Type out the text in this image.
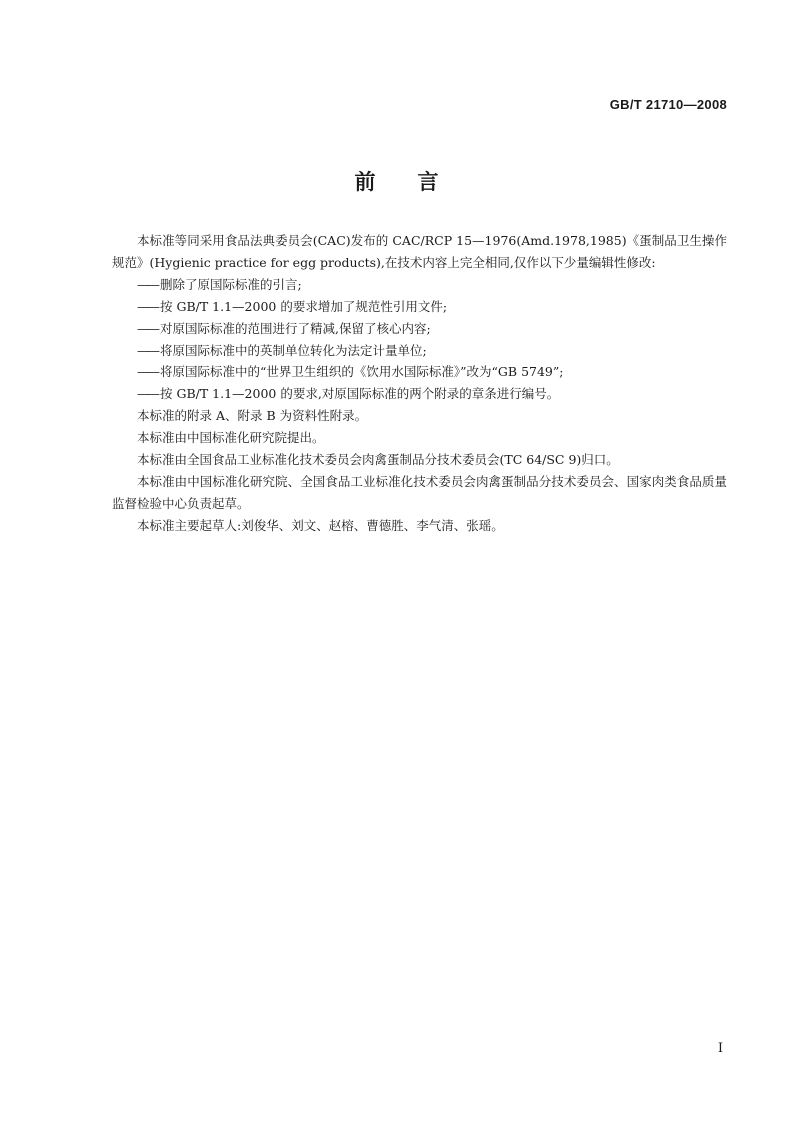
GB/T 21710—2008
前言

本标准等同采用食品法典委员会(CAC)发布的 CAC/RCP 15—1976(Amd.1978,1985)《蛋制品卫生操作规范》(Hygienic practice for egg products),在技术内容上完全相同,仅作以下少量编辑性修改:

—— 删除了原国际标准的引言;

—— 按 GB/T 1.1—2000 的要求增加了规范性引用文件;

—— 对原国际标准的范围进行了精减,保留了核心内容;

—— 将原国际标准中的英制单位转化为法定计量单位;

—— 将原国际标准中的“世界卫生组织的《饮用水国际标准》”改为“GB 5749”;

—— 按 GB/T 1.1—2000 的要求,对原国际标准的两个附录的章条进行编号。

本标准的附录 A、附录 B 为资料性附录。

本标准由中国标准化研究院提出。

本标准由全国食品工业标准化技术委员会肉禽蛋制品分技术委员会(TC 64/SC 9)归口。

本标准由中国标准化研究院、全国食品工业标准化技术委员会肉禽蛋制品分技术委员会、国家肉类食品质量监督检验中心负责起草。

本标准主要起草人:刘俊华、刘文、赵榕、曹德胜、李气清、张瑶。

I
